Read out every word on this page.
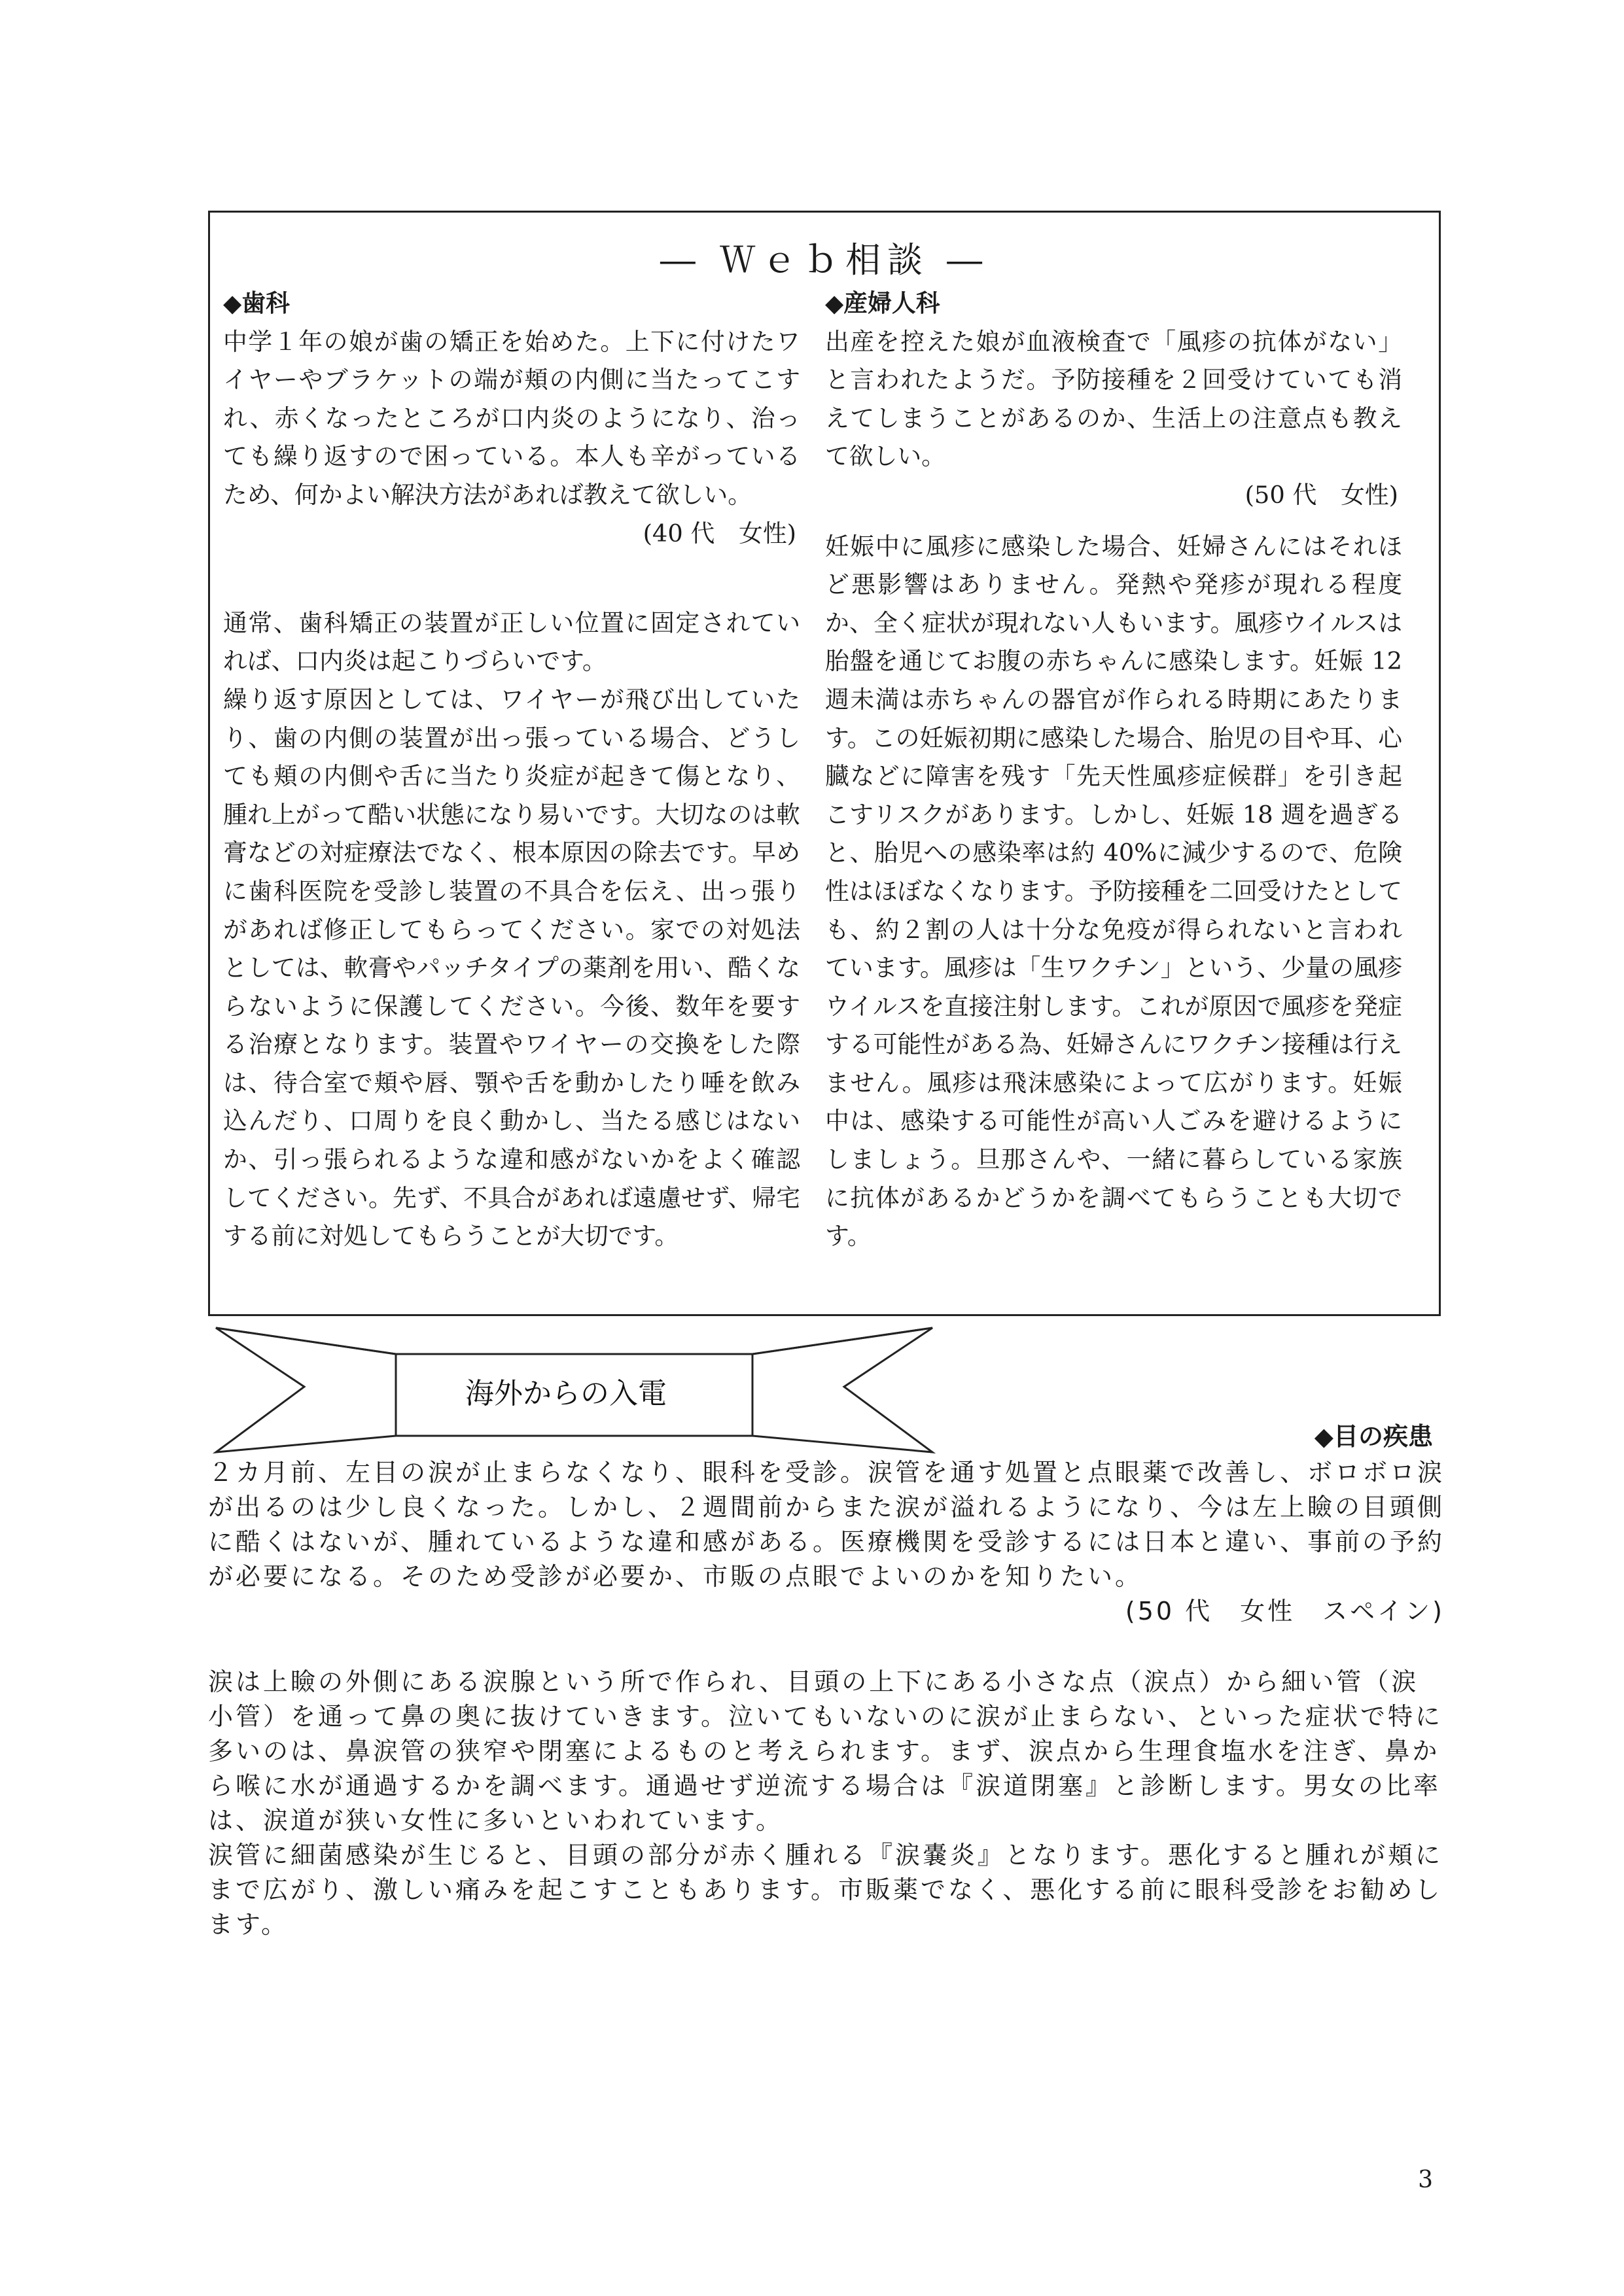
― Ｗｅｂ相談 ―

◆歯科

中学１年の娘が歯の矯正を始めた。上下に付けたワイヤーやブラケットの端が頬の内側に当たってこすれ、赤くなったところが口内炎のようになり、治っても繰り返すので困っている。本人も辛がっているため、何かよい解決方法があれば教えて欲しい。

(40 代　女性)

通常、歯科矯正の装置が正しい位置に固定されていれば、口内炎は起こりづらいです。

繰り返す原因としては、ワイヤーが飛び出していたり、歯の内側の装置が出っ張っている場合、どうしても頬の内側や舌に当たり炎症が起きて傷となり、腫れ上がって酷い状態になり易いです。大切なのは軟膏などの対症療法でなく、根本原因の除去です。早めに歯科医院を受診し装置の不具合を伝え、出っ張りがあれば修正してもらってください。家での対処法としては、軟膏やパッチタイプの薬剤を用い、酷くならないように保護してください。今後、数年を要する治療となります。装置やワイヤーの交換をした際は、待合室で頬や唇、顎や舌を動かしたり唾を飲み込んだり、口周りを良く動かし、当たる感じはないか、引っ張られるような違和感がないかをよく確認してください。先ず、不具合があれば遠慮せず、帰宅する前に対処してもらうことが大切です。

◆産婦人科

出産を控えた娘が血液検査で「風疹の抗体がない」と言われたようだ。予防接種を２回受けていても消えてしまうことがあるのか、生活上の注意点も教えて欲しい。

(50 代　女性)

妊娠中に風疹に感染した場合、妊婦さんにはそれほど悪影響はありません。発熱や発疹が現れる程度か、全く症状が現れない人もいます。風疹ウイルスは胎盤を通じてお腹の赤ちゃんに感染します。妊娠 12 週未満は赤ちゃんの器官が作られる時期にあたります。この妊娠初期に感染した場合、胎児の目や耳、心臓などに障害を残す「先天性風疹症候群」を引き起こすリスクがあります。しかし、妊娠 18 週を過ぎると、胎児への感染率は約 40%に減少するので、危険性はほぼなくなります。予防接種を二回受けたとしても、約２割の人は十分な免疫が得られないと言われています。風疹は「生ワクチン」という、少量の風疹ウイルスを直接注射します。これが原因で風疹を発症する可能性がある為、妊婦さんにワクチン接種は行えません。風疹は飛沫感染によって広がります。妊娠中は、感染する可能性が高い人ごみを避けるようにしましょう。旦那さんや、一緒に暮らしている家族に抗体があるかどうかを調べてもらうことも大切です。

海外からの入電
◆目の疾患

２カ月前、左目の涙が止まらなくなり、眼科を受診。涙管を通す処置と点眼薬で改善し、ボロボロ涙が出るのは少し良くなった。しかし、２週間前からまた涙が溢れるようになり、今は左上瞼の目頭側に酷くはないが、腫れているような違和感がある。医療機関を受診するには日本と違い、事前の予約が必要になる。そのため受診が必要か、市販の点眼でよいのかを知りたい。

(50 代　女性　スペイン)

涙は上瞼の外側にある涙腺という所で作られ、目頭の上下にある小さな点（涙点）から細い管（涙小管）を通って鼻の奥に抜けていきます。泣いてもいないのに涙が止まらない、といった症状で特に多いのは、鼻涙管の狭窄や閉塞によるものと考えられます。まず、涙点から生理食塩水を注ぎ、鼻から喉に水が通過するかを調べます。通過せず逆流する場合は『涙道閉塞』と診断します。男女の比率は、涙道が狭い女性に多いといわれています。

涙管に細菌感染が生じると、目頭の部分が赤く腫れる『涙嚢炎』となります。悪化すると腫れが頬にまで広がり、激しい痛みを起こすこともあります。市販薬でなく、悪化する前に眼科受診をお勧めします。

3
